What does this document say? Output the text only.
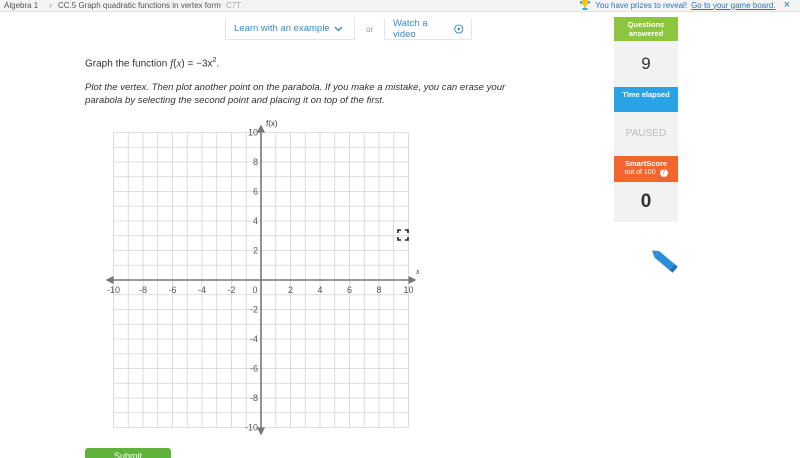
Algebra 1 › CC.5 Graph quadratic functions in vertex form C7T	You have prizes to reveal! Go to your game board. ×
Learn with an example	or
Watch a video
Graph the function $f(x) = -3x^2$.
Plot the vertex. Then plot another point on the parabola. If you make a mistake, you can erase your parabola by selecting the second point and placing it on top of the first.
-10 -8 -6 -4 -2 0	2	4	6	8 10
2
4
6
8
10
-2
-4
-6
-8
-10
x
f(x)
Submit
Questions answered
9
Time elapsed
PAUSED
SmartScore
out of 100 ?
0
